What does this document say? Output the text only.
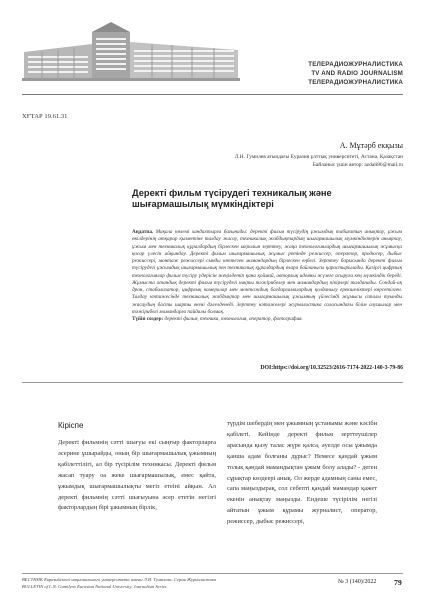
ТЕЛЕРАДИОЖУРНАЛИСТИКА
TV AND RADIO JOURNALISM
ТЕЛЕРАДИОЖУРНАЛИСТИКА
ХҒТАР 19.61.31
А. Мұтәрб екқызы
Л.Н. Гумилев атындағы Еуразия ұлттық университеті, Астана, Қазақстан
Байланыс үшін автор: azdali86@mail.ru
Деректі фильм түсірудегі техникалық және
шығармашылық мүмкіндіктері
Аңдатпа. Мақала көлемі хандахтырға бағынады: деректі фильм түсірудің ұжымдық табиғатын анықтау, ұжым өкілдерінің атқарар қызметіне талдау жасау, техникалық жабдықтардың шығармашылық мүмкіндіктерін анықтау, ұжым мен техникалық құралдардың бірлескен ықпалын зерттеу, жаңа технологиялардың шығармашылық жұмысқа қосар үлесін айқындау. Деректі фильм шығармашылық жұмыс ретінде режиссер, оператор, продюсер, дыбыс режиссері, монтаж режиссері сынды көптеген мамандардың бірлескен еңбегі. Зерттеу барысында деректі фильм түсірудегі ұжымдық шығармашылық пен техникалық құралдардың өзара байланысы қарастырылады. Қазіргі цифрлық технологиялар фильм түсіру үдерісін жеңілдетіп қана қоймай, авторлық идеяны жүзеге асыруға кең мүмкіндік береді. Жұмыста отандық деректі фильм түсірудегі нақты тәжірибелер мен мамандардың пікірлері талданады. Сондай-ақ дрон, стабилизатор, цифрлық камералар мен монтаждық бағдарламалардың қолданылу ерекшеліктері көрсетілген. Талдау нәтижесінде техникалық жабдықтар мен шығармашылық ұжымның үйлесімді жұмысы сапалы туынды жасаудың басты шарты екені дәлелденеді. Зерттеу нәтижелері журналистика саласындағы білім алушылар мен тәжірибелі мамандарға пайдалы болмақ.
Түйін сөздер: деректі фильм, техника, технология, оператор, фотография.
DOI:https://doi.org/10.32523/2616-7174-2022-140-3-79-86
Кіріспе
Деректі фильмнің сәтті шығуы екі сыңғыр факторларға әсерине ұшырайды, оның бір шығармашылық ұжымның қабілеттілігі, ал бір түсірілім техникасы. Деректі фильм жасап туару оа жеке шығармашылық, емес қайта, ұжымдық шығармашылықты мегіз етеіні айқын. Ал деректі фильмнің сәтті шығыуына әсер ететін негізгі факторлардың бірі ұжымның бірлік,
түрдім шебердің мен ұжымның ұстанымы және кәсіби қабілеті. Кейінде деректі фильм зерттеушілер арасында қызу талас жүре қалса, әуелде осы ұжымда қанша адам болғаны дұрыс? Немесе қандай ұжым толық қандай мамандықтан ұжым болу алады? - деген сұрақтар көздеері анық. Ол жерде адамның саны емес, сапа маңыздырақ, сол себепті қандай мамандар қажет екенін анықтау маңызды. Ендеше түсірілім негізі айтатын ұжым құрамы журналист, оператор, режиссер, дыбыс режиссері,
ВЕСТНИК Евразийского национального университета имени Л.Н. Гумилева. Серия Журналистика
BULLETIN of L.N. Gumilyov Eurasian National University. Journalism Series
№ 3 (140)/2022 79
